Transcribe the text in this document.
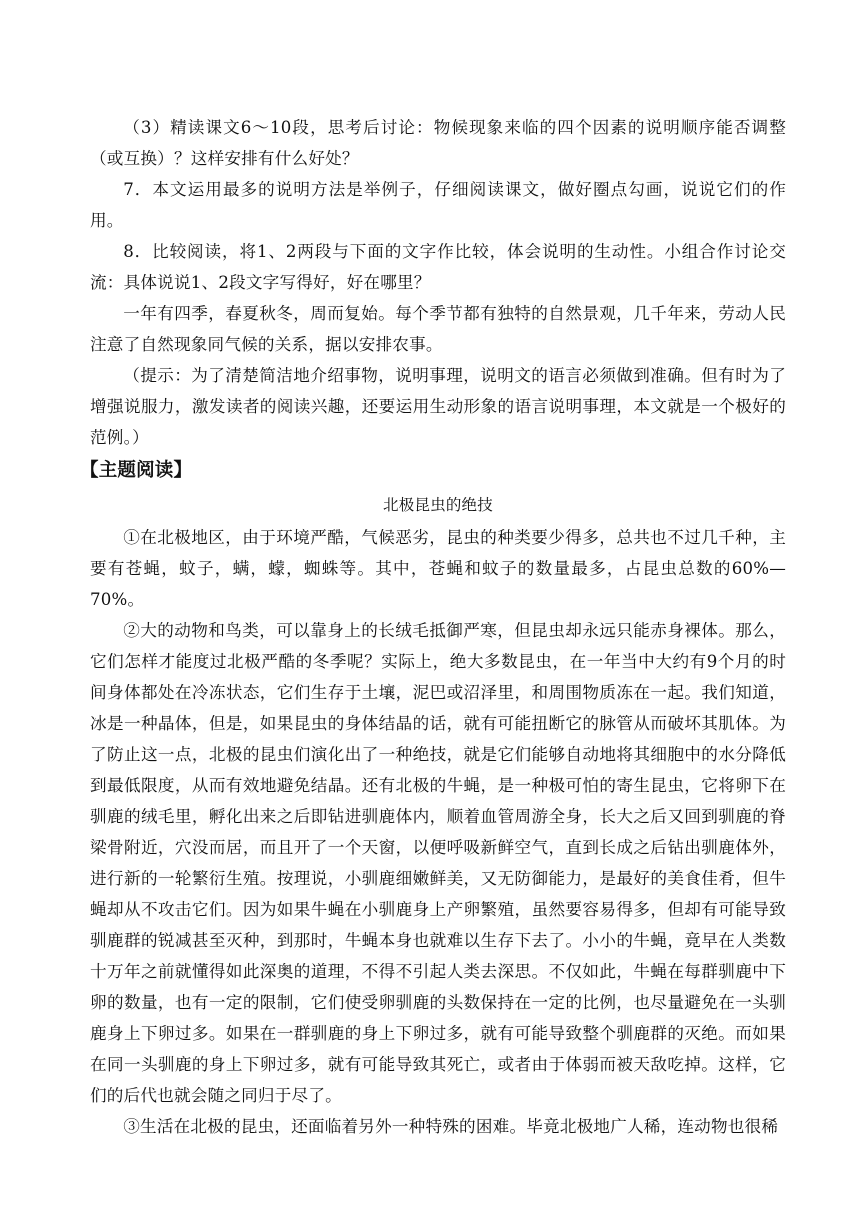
（3）精读课文6～10段，思考后讨论：物候现象来临的四个因素的说明顺序能否调整（或互换）？这样安排有什么好处？

7．本文运用最多的说明方法是举例子，仔细阅读课文，做好圈点勾画，说说它们的作用。

8．比较阅读，将1、2两段与下面的文字作比较，体会说明的生动性。小组合作讨论交流：具体说说1、2段文字写得好，好在哪里？

一年有四季，春夏秋冬，周而复始。每个季节都有独特的自然景观，几千年来，劳动人民注意了自然现象同气候的关系，据以安排农事。

（提示：为了清楚简洁地介绍事物，说明事理，说明文的语言必须做到准确。但有时为了增强说服力，激发读者的阅读兴趣，还要运用生动形象的语言说明事理，本文就是一个极好的范例。）

【主题阅读】

北极昆虫的绝技

①在北极地区，由于环境严酷，气候恶劣，昆虫的种类要少得多，总共也不过几千种，主要有苍蝇，蚊子，螨，蠓，蜘蛛等。其中，苍蝇和蚊子的数量最多，占昆虫总数的60%—70%。

②大的动物和鸟类，可以靠身上的长绒毛抵御严寒，但昆虫却永远只能赤身裸体。那么，它们怎样才能度过北极严酷的冬季呢？实际上，绝大多数昆虫，在一年当中大约有9个月的时间身体都处在冷冻状态，它们生存于土壤，泥巴或沼泽里，和周围物质冻在一起。我们知道，冰是一种晶体，但是，如果昆虫的身体结晶的话，就有可能扭断它的脉管从而破坏其肌体。为了防止这一点，北极的昆虫们演化出了一种绝技，就是它们能够自动地将其细胞中的水分降低到最低限度，从而有效地避免结晶。还有北极的牛蝇，是一种极可怕的寄生昆虫，它将卵下在驯鹿的绒毛里，孵化出来之后即钻进驯鹿体内，顺着血管周游全身，长大之后又回到驯鹿的脊梁骨附近，穴没而居，而且开了一个天窗，以便呼吸新鲜空气，直到长成之后钻出驯鹿体外，进行新的一轮繁衍生殖。按理说，小驯鹿细嫩鲜美，又无防御能力，是最好的美食佳肴，但牛蝇却从不攻击它们。因为如果牛蝇在小驯鹿身上产卵繁殖，虽然要容易得多，但却有可能导致驯鹿群的锐减甚至灭种，到那时，牛蝇本身也就难以生存下去了。小小的牛蝇，竟早在人类数十万年之前就懂得如此深奥的道理，不得不引起人类去深思。不仅如此，牛蝇在每群驯鹿中下卵的数量，也有一定的限制，它们使受卵驯鹿的头数保持在一定的比例，也尽量避免在一头驯鹿身上下卵过多。如果在一群驯鹿的身上下卵过多，就有可能导致整个驯鹿群的灭绝。而如果在同一头驯鹿的身上下卵过多，就有可能导致其死亡，或者由于体弱而被天敌吃掉。这样，它们的后代也就会随之同归于尽了。

③生活在北极的昆虫，还面临着另外一种特殊的困难。毕竟北极地广人稀，连动物也很稀
